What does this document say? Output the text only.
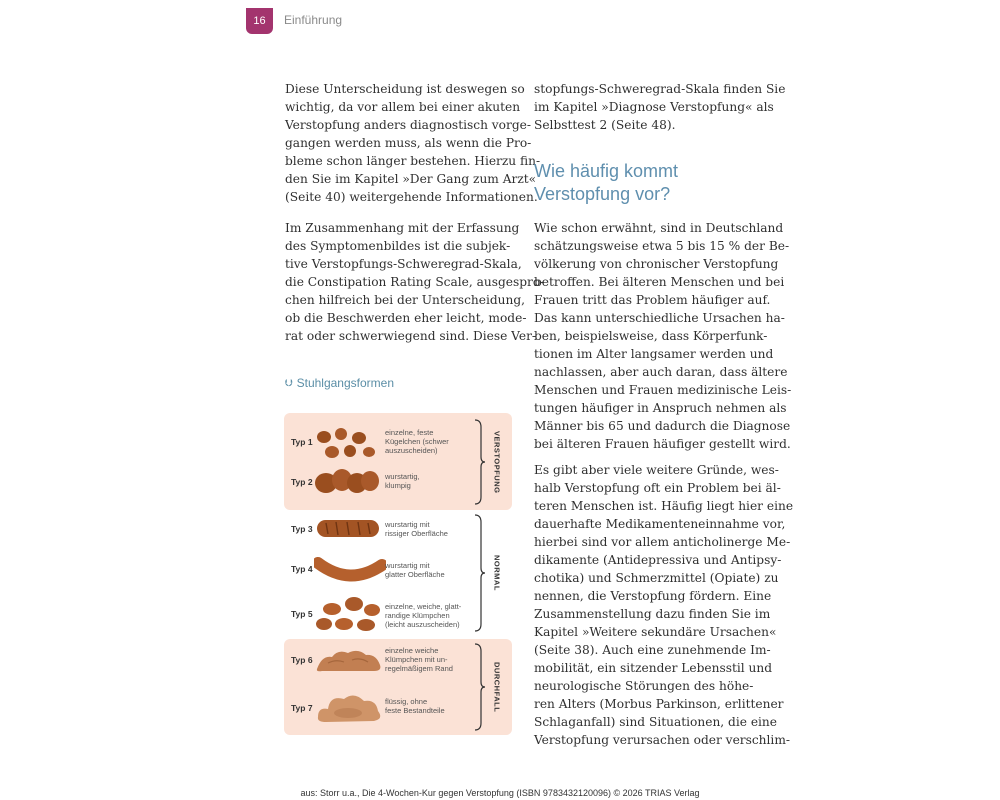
16	Einführung

Diese Unterscheidung ist deswegen so
wichtig, da vor allem bei einer akuten
Verstopfung anders diagnostisch vorge-
gangen werden muss, als wenn die Pro-
bleme schon länger bestehen. Hierzu fin-
den Sie im Kapitel »Der Gang zum Arzt«
(Seite 40) weitergehende Informationen.

Im Zusammenhang mit der Erfassung
des Symptomenbildes ist die subjek-
tive Verstopfungs-Schweregrad-Skala,
die Constipation Rating Scale, ausgespro-
chen hilfreich bei der Unterscheidung,
ob die Beschwerden eher leicht, mode-
rat oder schwerwiegend sind. Diese Ver-

⮋ Stuhlgangsformen
Typ 1
einzelne, feste
Kügelchen (schwer
auszuscheiden)
Typ 2
wurstartig,
klumpig
Typ 3	wurstartig mit
rissiger Oberfläche
Typ 4	wurstartig mit
glatter Oberfläche
Typ 5
einzelne, weiche, glatt-
randige Klümpchen
(leicht auszuscheiden)
Typ 6
einzelne weiche
Klümpchen mit un-
regelmäßigem Rand
Typ 7
flüssig, ohne
feste Bestandteile
VERSTOPFUNG
NORMAL
DURCHFALL

stopfungs-Schweregrad-Skala finden Sie
im Kapitel »Diagnose Verstopfung« als
Selbsttest 2 (Seite 48).

Wie häufig kommt
Verstopfung vor?

Wie schon erwähnt, sind in Deutschland
schätzungsweise etwa 5 bis 15 % der Be-
völkerung von chronischer Verstopfung
betroffen. Bei älteren Menschen und bei
Frauen tritt das Problem häufiger auf.
Das kann unterschiedliche Ursachen ha-
ben, beispielsweise, dass Körperfunk-
tionen im Alter langsamer werden und
nachlassen, aber auch daran, dass ältere
Menschen und Frauen medizinische Leis-
tungen häufiger in Anspruch nehmen als
Männer bis 65 und dadurch die Diagnose
bei älteren Frauen häufiger gestellt wird.

Es gibt aber viele weitere Gründe, wes-
halb Verstopfung oft ein Problem bei äl-
teren Menschen ist. Häufig liegt hier eine
dauerhafte Medikamenteneinnahme vor,
hierbei sind vor allem anticholinerge Me-
dikamente (Antidepressiva und Antipsy-
chotika) und Schmerzmittel (Opiate) zu
nennen, die Verstopfung fördern. Eine
Zusammenstellung dazu finden Sie im
Kapitel »Weitere sekundäre Ursachen«
(Seite 38). Auch eine zunehmende Im-
mobilität, ein sitzender Lebensstil und
neurologische Störungen des höhe-
ren Alters (Morbus Parkinson, erlittener
Schlaganfall) sind Situationen, die eine
Verstopfung verursachen oder verschlim-

aus: Storr u.a., Die 4-Wochen-Kur gegen Verstopfung (ISBN 9783432120096) © 2026 TRIAS Verlag
